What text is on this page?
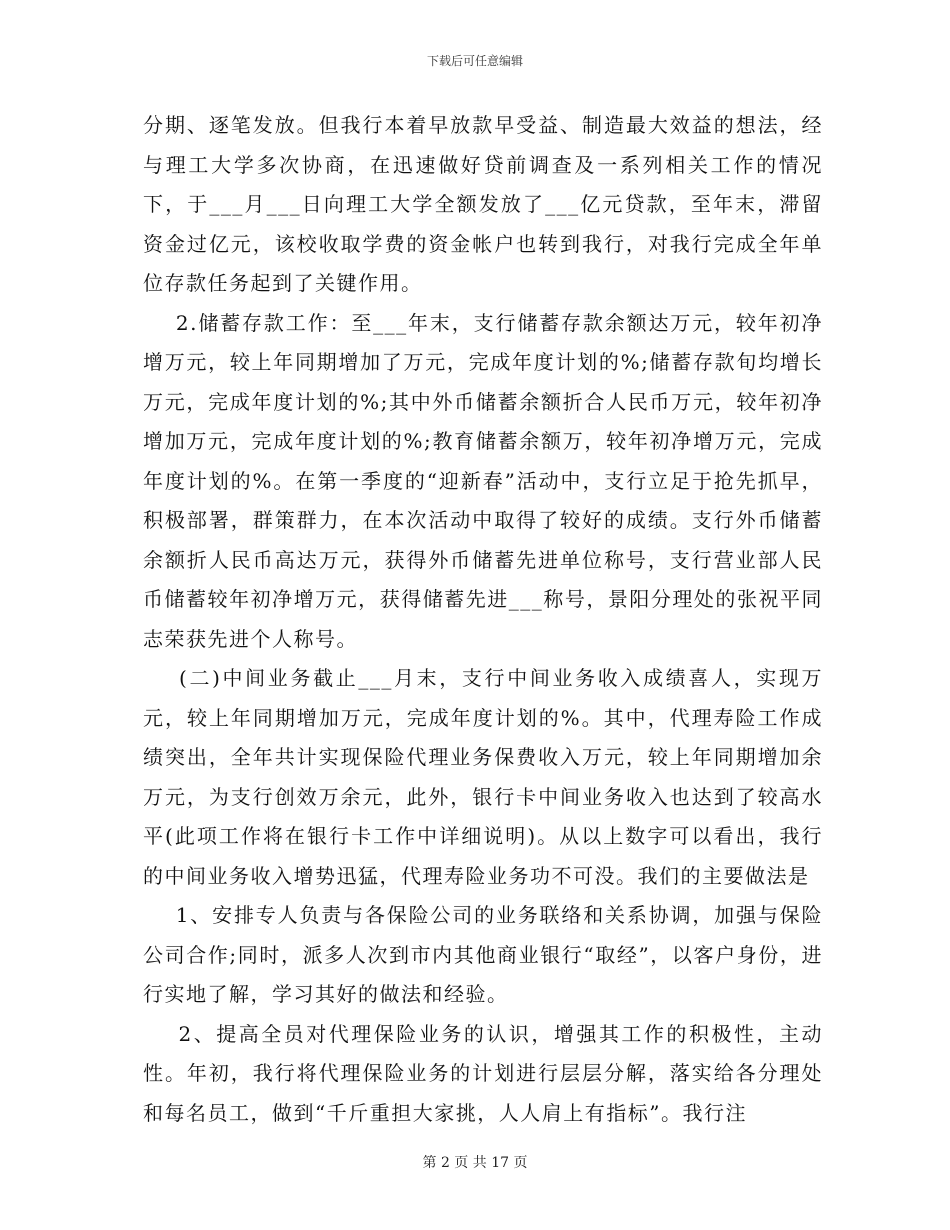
下载后可任意编辑

分期、逐笔发放。但我行本着早放款早受益、制造最大效益的想法，经与理工大学多次协商，在迅速做好贷前调查及一系列相关工作的情况下，于___月___日向理工大学全额发放了___亿元贷款，至年末，滞留资金过亿元，该校收取学费的资金帐户也转到我行，对我行完成全年单位存款任务起到了关键作用。

2.储蓄存款工作：至___年末，支行储蓄存款余额达万元，较年初净增万元，较上年同期增加了万元，完成年度计划的%;储蓄存款旬均增长万元，完成年度计划的%;其中外币储蓄余额折合人民币万元，较年初净增加万元，完成年度计划的%;教育储蓄余额万，较年初净增万元，完成年度计划的%。在第一季度的“迎新春”活动中，支行立足于抢先抓早，积极部署，群策群力，在本次活动中取得了较好的成绩。支行外币储蓄余额折人民币高达万元，获得外币储蓄先进单位称号，支行营业部人民币储蓄较年初净增万元，获得储蓄先进___称号，景阳分理处的张祝平同志荣获先进个人称号。

(二)中间业务截止___月末，支行中间业务收入成绩喜人，实现万元，较上年同期增加万元，完成年度计划的%。其中，代理寿险工作成绩突出，全年共计实现保险代理业务保费收入万元，较上年同期增加余万元，为支行创效万余元，此外，银行卡中间业务收入也达到了较高水平(此项工作将在银行卡工作中详细说明)。从以上数字可以看出，我行的中间业务收入增势迅猛，代理寿险业务功不可没。我们的主要做法是

1、安排专人负责与各保险公司的业务联络和关系协调，加强与保险公司合作;同时，派多人次到市内其他商业银行“取经”，以客户身份，进行实地了解，学习其好的做法和经验。

2、提高全员对代理保险业务的认识，增强其工作的积极性，主动性。年初，我行将代理保险业务的计划进行层层分解，落实给各分理处和每名员工，做到“千斤重担大家挑，人人肩上有指标”。我行注

第 2 页 共 17 页
